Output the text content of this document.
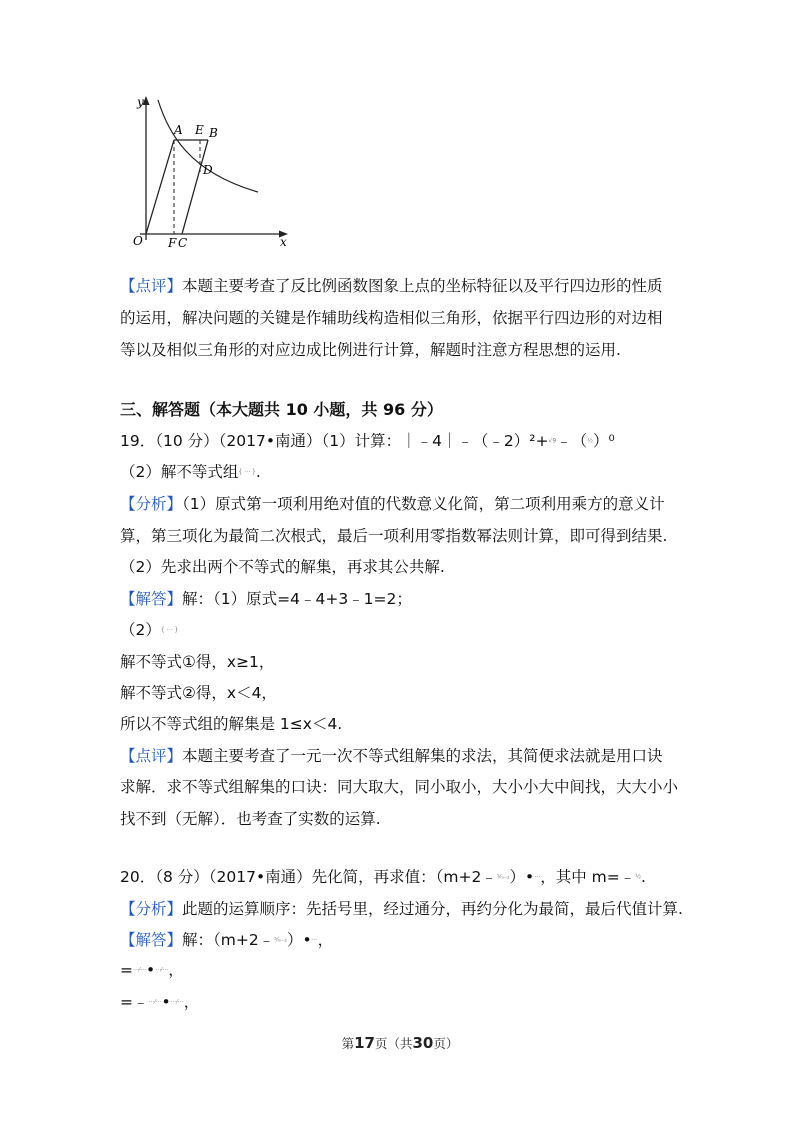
y
x
O
A E B
D
F C
【点评】本题主要考查了反比例函数图象上点的坐标特征以及平行四边形的性质
的运用，解决问题的关键是作辅助线构造相似三角形，依据平行四边形的对边相
等以及相似三角形的对应边成比例进行计算，解题时注意方程思想的运用.
三、解答题（本大题共 10 小题，共 96 分）
19．（10 分）（2017•南通）（1）计算：｜﹣4｜﹣（﹣2）²+√9﹣（½）⁰
（2）解不等式组{ ⋯ }.
【分析】（1）原式第一项利用绝对值的代数意义化简，第二项利用乘方的意义计
算，第三项化为最简二次根式，最后一项利用零指数幂法则计算，即可得到结果.
（2）先求出两个不等式的解集，再求其公共解.
【解答】解：（1）原式=4﹣4+3﹣1=2；
（2）{ ⋯ }
解不等式①得，x≥1，
解不等式②得，x＜4，
所以不等式组的解集是 1≤x＜4.
【点评】本题主要考查了一元一次不等式组解集的求法，其简便求法就是用口诀
求解．求不等式组解集的口诀：同大取大，同小取小，大小小大中间找，大大小小
找不到（无解）．也考查了实数的运算.
20．（8 分）（2017•南通）先化简，再求值：（m+2﹣⁵⁄ₘ₋₂）•⋯，其中 m=﹣½.
【分析】此题的运算顺序：先括号里，经过通分，再约分化为最简，最后代值计算.
【解答】解：（m+2﹣⁵⁄ₘ₋₂）•⋯，
=⋯⁄⋯•⋯⁄⋯，
=﹣⋯⁄⋯•⋯⁄⋯，
第17页（共30页）
